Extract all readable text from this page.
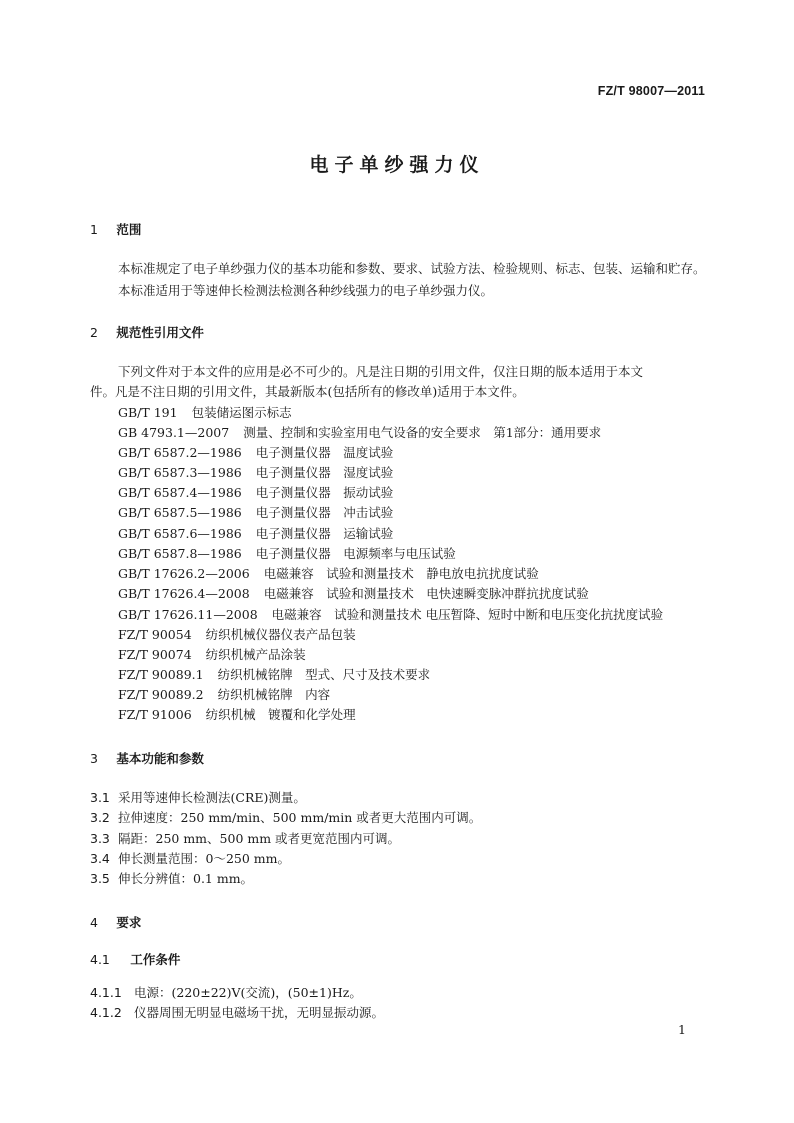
FZ/T 98007—2011
电子单纱强力仪
1 范围
本标准规定了电子单纱强力仪的基本功能和参数、要求、试验方法、检验规则、标志、包装、运输和贮存。
本标准适用于等速伸长检测法检测各种纱线强力的电子单纱强力仪。
2 规范性引用文件
下列文件对于本文件的应用是必不可少的。凡是注日期的引用文件，仅注日期的版本适用于本文
件。凡是不注日期的引用文件，其最新版本(包括所有的修改单)适用于本文件。
GB/T 191 包装储运图示标志
GB 4793.1—2007 测量、控制和实验室用电气设备的安全要求　第1部分：通用要求
GB/T 6587.2—1986 电子测量仪器　温度试验
GB/T 6587.3—1986 电子测量仪器　湿度试验
GB/T 6587.4—1986 电子测量仪器　振动试验
GB/T 6587.5—1986 电子测量仪器　冲击试验
GB/T 6587.6—1986 电子测量仪器　运输试验
GB/T 6587.8—1986 电子测量仪器　电源频率与电压试验
GB/T 17626.2—2006 电磁兼容　试验和测量技术　静电放电抗扰度试验
GB/T 17626.4—2008 电磁兼容　试验和测量技术　电快速瞬变脉冲群抗扰度试验
GB/T 17626.11—2008 电磁兼容　试验和测量技术 电压暂降、短时中断和电压变化抗扰度试验
FZ/T 90054 纺织机械仪器仪表产品包装
FZ/T 90074 纺织机械产品涂装
FZ/T 90089.1 纺织机械铭牌　型式、尺寸及技术要求
FZ/T 90089.2 纺织机械铭牌　内容
FZ/T 91006 纺织机械　镀覆和化学处理
3 基本功能和参数
3.1 采用等速伸长检测法(CRE)测量。
3.2 拉伸速度：250 mm/min、500 mm/min 或者更大范围内可调。
3.3 隔距：250 mm、500 mm 或者更宽范围内可调。
3.4 伸长测量范围：0～250 mm。
3.5 伸长分辨值：0.1 mm。
4 要求
4.1 工作条件
4.1.1 电源：(220±22)V(交流)，(50±1)Hz。
4.1.2 仪器周围无明显电磁场干扰，无明显振动源。
1
